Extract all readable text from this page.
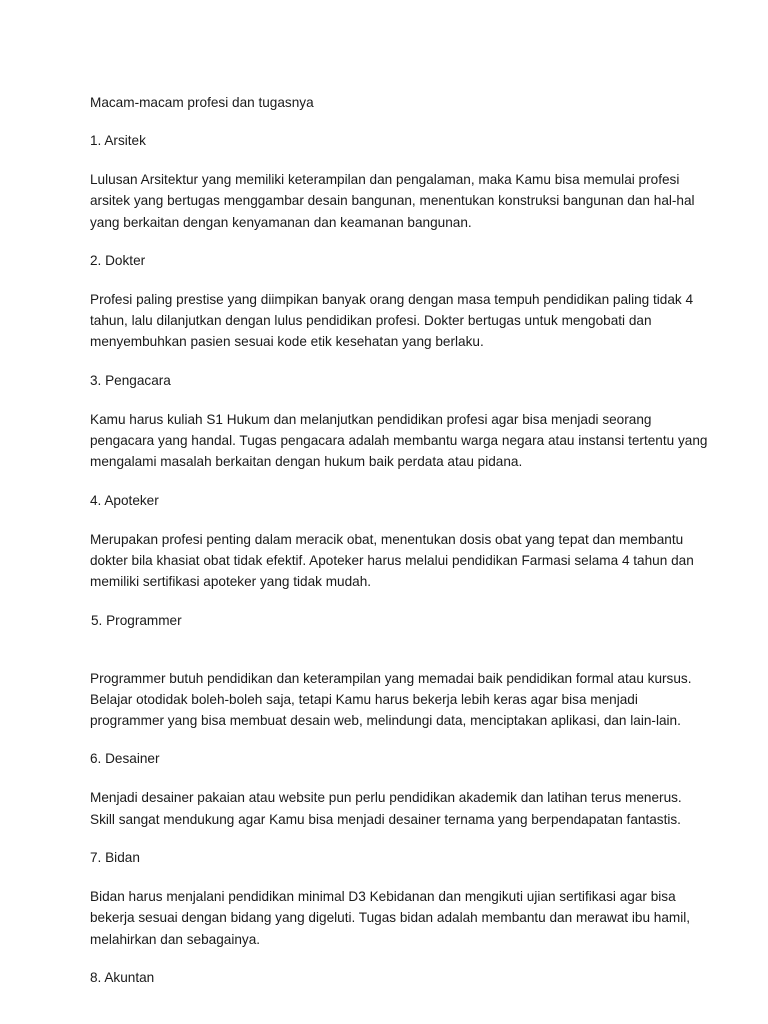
Macam-macam profesi dan tugasnya

1. Arsitek

Lulusan Arsitektur yang memiliki keterampilan dan pengalaman, maka Kamu bisa memulai profesi arsitek yang bertugas menggambar desain bangunan, menentukan konstruksi bangunan dan hal-hal yang berkaitan dengan kenyamanan dan keamanan bangunan.

2. Dokter

Profesi paling prestise yang diimpikan banyak orang dengan masa tempuh pendidikan paling tidak 4 tahun, lalu dilanjutkan dengan lulus pendidikan profesi. Dokter bertugas untuk mengobati dan menyembuhkan pasien sesuai kode etik kesehatan yang berlaku.

3. Pengacara

Kamu harus kuliah S1 Hukum dan melanjutkan pendidikan profesi agar bisa menjadi seorang pengacara yang handal. Tugas pengacara adalah membantu warga negara atau instansi tertentu yang mengalami masalah berkaitan dengan hukum baik perdata atau pidana.

4. Apoteker

Merupakan profesi penting dalam meracik obat, menentukan dosis obat yang tepat dan membantu dokter bila khasiat obat tidak efektif. Apoteker harus melalui pendidikan Farmasi selama 4 tahun dan memiliki sertifikasi apoteker yang tidak mudah.

5. Programmer

Programmer butuh pendidikan dan keterampilan yang memadai baik pendidikan formal atau kursus. Belajar otodidak boleh-boleh saja, tetapi Kamu harus bekerja lebih keras agar bisa menjadi programmer yang bisa membuat desain web, melindungi data, menciptakan aplikasi, dan lain-lain.

6. Desainer

Menjadi desainer pakaian atau website pun perlu pendidikan akademik dan latihan terus menerus. Skill sangat mendukung agar Kamu bisa menjadi desainer ternama yang berpendapatan fantastis.

7. Bidan

Bidan harus menjalani pendidikan minimal D3 Kebidanan dan mengikuti ujian sertifikasi agar bisa bekerja sesuai dengan bidang yang digeluti. Tugas bidan adalah membantu dan merawat ibu hamil, melahirkan dan sebagainya.

8. Akuntan
